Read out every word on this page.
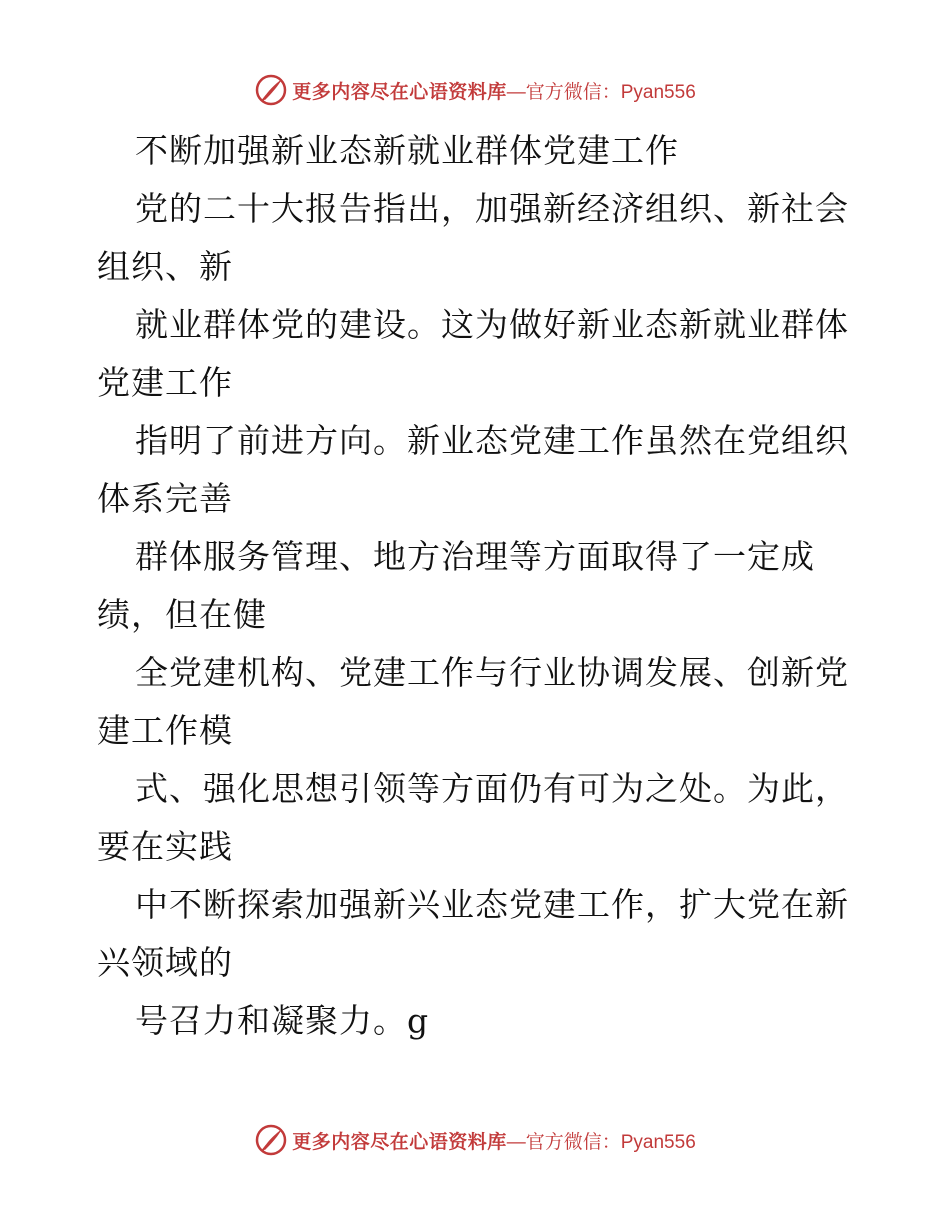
更多内容尽在心语资料库 —官方微信：Pyan556
不断加强新业态新就业群体党建工作
党的二十大报告指出，加强新经济组织、新社会
组织、新
就业群体党的建设。这为做好新业态新就业群体
党建工作
指明了前进方向。新业态党建工作虽然在党组织
体系完善
群体服务管理、地方治理等方面取得了一定成
绩，但在健
全党建机构、党建工作与行业协调发展、创新党
建工作模
式、强化思想引领等方面仍有可为之处。为此，
要在实践
中不断探索加强新兴业态党建工作，扩大党在新
兴领域的
号召力和凝聚力。g
更多内容尽在心语资料库 —官方微信：Pyan556
